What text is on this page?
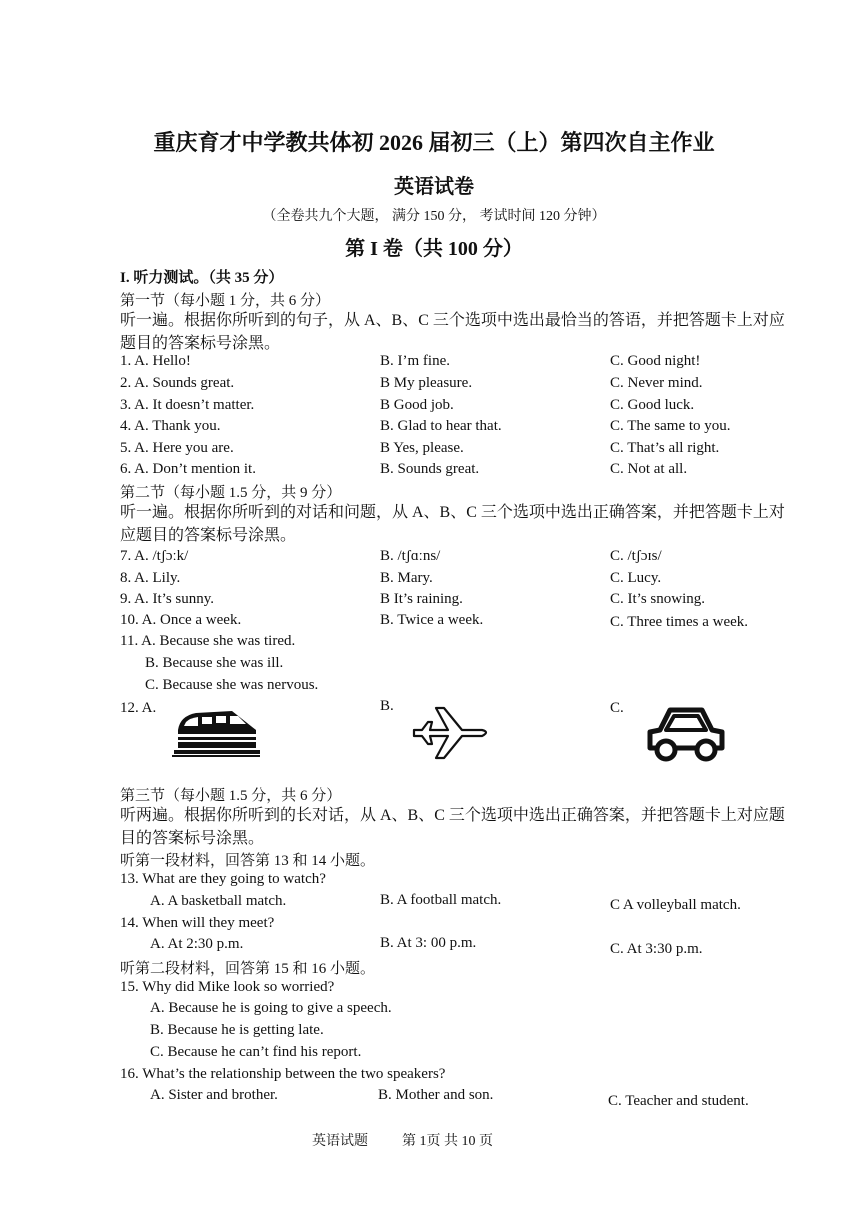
重庆育才中学教共体初 2026 届初三（上）第四次自主作业
英语试卷
（全卷共九个大题， 满分 150 分， 考试时间 120 分钟）
第 I 卷（共 100 分）
I. 听力测试。（共 35 分）
第一节（每小题 1 分，共 6 分）
听一遍。根据你所听到的句子，从 A、B、C 三个选项中选出最恰当的答语，并把答题卡上对应题目的答案标号涂黑。
1. A. Hello!	B. I’m fine.	C. Good night!
2. A. Sounds great.	B My pleasure.	C. Never mind.
3. A. It doesn’t matter.	B Good job.	C. Good luck.
4. A. Thank you.	B. Glad to hear that.	C. The same to you.
5. A. Here you are.	B Yes, please.	C. That’s all right.
6. A. Don’t mention it.	B. Sounds great.	C. Not at all.
第二节（每小题 1.5 分，共 9 分）
听一遍。根据你所听到的对话和问题，从 A、B、C 三个选项中选出正确答案，并把答题卡上对应题目的答案标号涂黑。
7. A. /tʃɔːk/	B. /tʃɑːns/	C. /tʃɔɪs/
8. A. Lily.	B. Mary.	C. Lucy.
9. A. It’s sunny.	B It’s raining.	C. It’s snowing.
10. A. Once a week.	B. Twice a week.	C. Three times a week.
11. A. Because she was tired.
B. Because she was ill.
C. Because she was nervous.
12. A.	B.	C.
第三节（每小题 1.5 分，共 6 分）
听两遍。根据你所听到的长对话，从 A、B、C 三个选项中选出正确答案，并把答题卡上对应题目的答案标号涂黑。
听第一段材料，回答第 13 和 14 小题。
13. What are they going to watch?
A. A basketball match.	B. A football match.	C A volleyball match.
14. When will they meet?
A. At 2:30 p.m.	B. At 3: 00 p.m.	C. At 3:30 p.m.
听第二段材料，回答第 15 和 16 小题。
15. Why did Mike look so worried?
A. Because he is going to give a speech.
B. Because he is getting late.
C. Because he can’t find his report.
16. What’s the relationship between the two speakers?
A. Sister and brother.	B. Mother and son.	C. Teacher and student.
英语试题 第 1页 共 10 页
